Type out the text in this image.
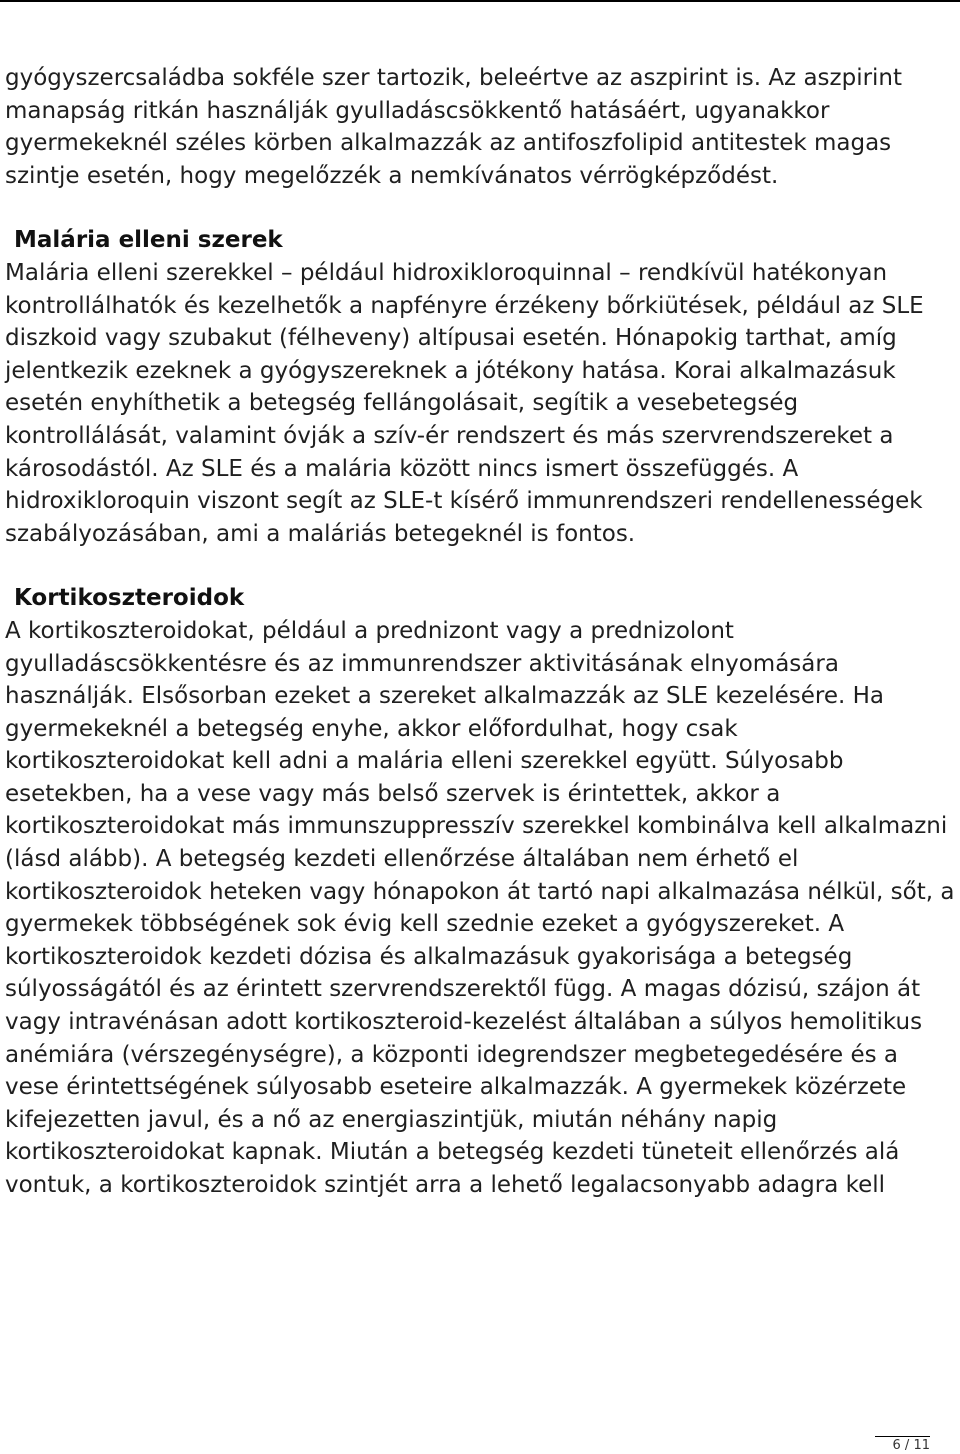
gyógyszercsaládba sokféle szer tartozik, beleértve az aszpirint is. Az aszpirint manapság ritkán használják gyulladáscsökkentő hatásáért, ugyanakkor gyermekeknél széles körben alkalmazzák az antifoszfolipid antitestek magas szintje esetén, hogy megelőzzék a nemkívánatos vérrögképződést.

Malária elleni szerek

Malária elleni szerekkel – például hidroxikloroquinnal – rendkívül hatékonyan kontrollálhatók és kezelhetők a napfényre érzékeny bőrkiütések, például az SLE diszkoid vagy szubakut (félheveny) altípusai esetén. Hónapokig tarthat, amíg jelentkezik ezeknek a gyógyszereknek a jótékony hatása. Korai alkalmazásuk esetén enyhíthetik a betegség fellángolásait, segítik a vesebetegség kontrollálását, valamint óvják a szív-ér rendszert és más szervrendszereket a károsodástól. Az SLE és a malária között nincs ismert összefüggés. A hidroxikloroquin viszont segít az SLE-t kísérő immunrendszeri rendellenességek szabályozásában, ami a maláriás betegeknél is fontos.

Kortikoszteroidok

A kortikoszteroidokat, például a prednizont vagy a prednizolont gyulladáscsökkentésre és az immunrendszer aktivitásának elnyomására használják. Elsősorban ezeket a szereket alkalmazzák az SLE kezelésére. Ha gyermekeknél a betegség enyhe, akkor előfordulhat, hogy csak kortikoszteroidokat kell adni a malária elleni szerekkel együtt. Súlyosabb esetekben, ha a vese vagy más belső szervek is érintettek, akkor a kortikoszteroidokat más immunszuppresszív szerekkel kombinálva kell alkalmazni (lásd alább). A betegség kezdeti ellenőrzése általában nem érhető el kortikoszteroidok heteken vagy hónapokon át tartó napi alkalmazása nélkül, sőt, a gyermekek többségének sok évig kell szednie ezeket a gyógyszereket. A kortikoszteroidok kezdeti dózisa és alkalmazásuk gyakorisága a betegség súlyosságától és az érintett szervrendszerektől függ. A magas dózisú, szájon át vagy intravénásan adott kortikoszteroid-kezelést általában a súlyos hemolitikus anémiára (vérszegénységre), a központi idegrendszer megbetegedésére és a vese érintettségének súlyosabb eseteire alkalmazzák. A gyermekek közérzete kifejezetten javul, és a nő az energiaszintjük, miután néhány napig kortikoszteroidokat kapnak. Miután a betegség kezdeti tüneteit ellenőrzés alá vontuk, a kortikoszteroidok szintjét arra a lehető legalacsonyabb adagra kell

6 / 11
